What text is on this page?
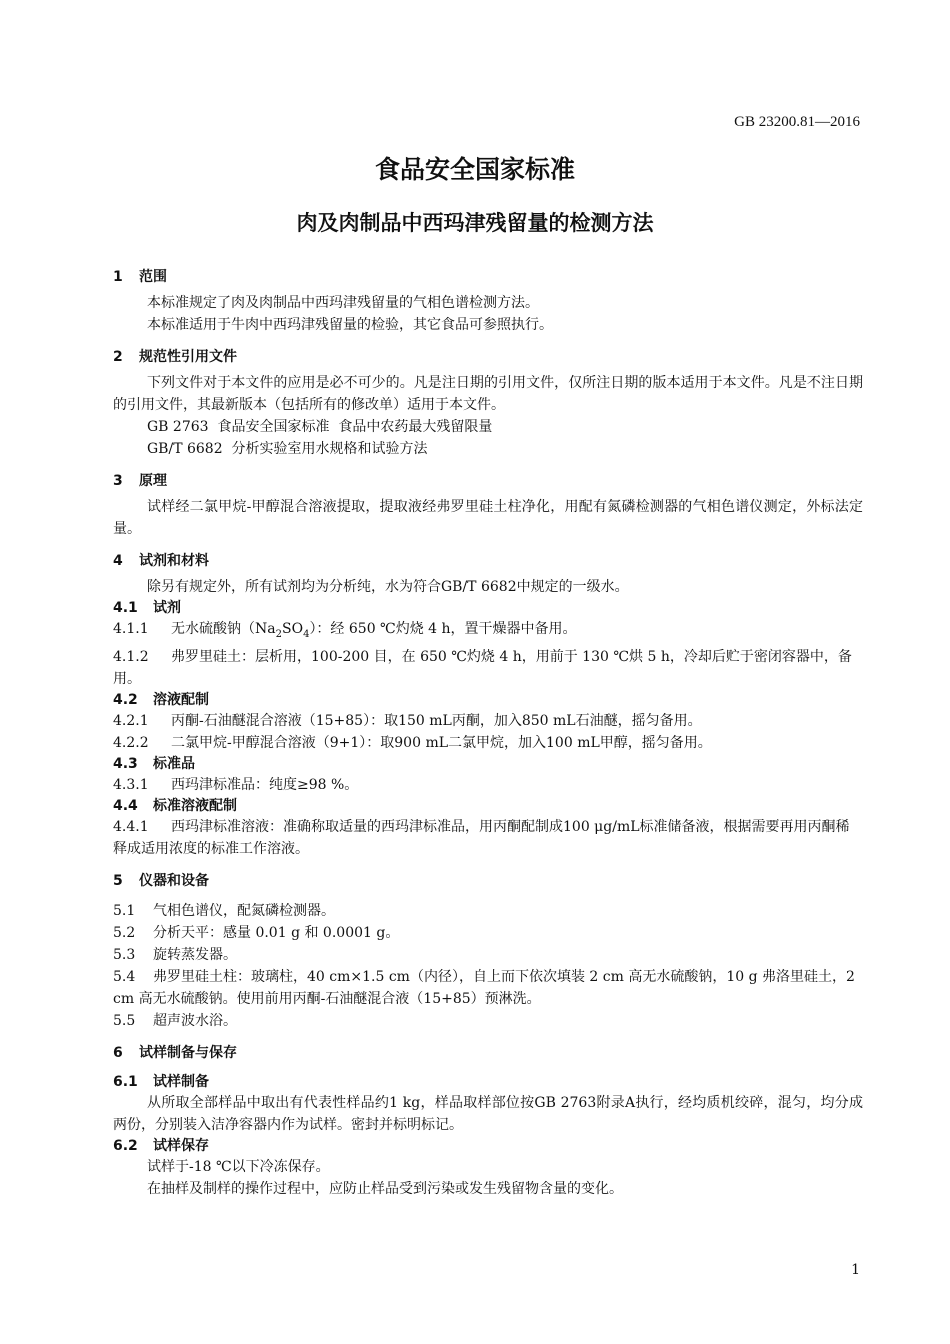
GB 23200.81—2016
食品安全国家标准
肉及肉制品中西玛津残留量的检测方法
1 范围
本标准规定了肉及肉制品中西玛津残留量的气相色谱检测方法。
本标准适用于牛肉中西玛津残留量的检验，其它食品可参照执行。
2 规范性引用文件
下列文件对于本文件的应用是必不可少的。凡是注日期的引用文件，仅所注日期的版本适用于本文件。凡是不注日期的引用文件，其最新版本（包括所有的修改单）适用于本文件。
GB 2763  食品安全国家标准  食品中农药最大残留限量
GB/T 6682  分析实验室用水规格和试验方法
3 原理
试样经二氯甲烷-甲醇混合溶液提取，提取液经弗罗里硅土柱净化，用配有氮磷检测器的气相色谱仪测定，外标法定量。
4 试剂和材料
除另有规定外，所有试剂均为分析纯，水为符合GB/T 6682中规定的一级水。
4.1 试剂
4.1.1 无水硫酸钠$(Na_2SO_4)$：经 650 ℃灼烧 4 h，置干燥器中备用。
4.1.2 弗罗里硅土：层析用，100-200 目，在 650 ℃灼烧 4 h，用前于 130 ℃烘 5 h，冷却后贮于密闭容器中，备用。
4.2 溶液配制
4.2.1 丙酮-石油醚混合溶液（15+85）：取150 mL丙酮，加入850 mL石油醚，摇匀备用。
4.2.2 二氯甲烷-甲醇混合溶液（9+1）：取900 mL二氯甲烷，加入100 mL甲醇，摇匀备用。
4.3 标准品
4.3.1 西玛津标准品：纯度≥98 %。
4.4 标准溶液配制
4.4.1 西玛津标准溶液：准确称取适量的西玛津标准品，用丙酮配制成100 μg/mL标准储备液，根据需要再用丙酮稀释成适用浓度的标准工作溶液。
5 仪器和设备
5.1 气相色谱仪，配氮磷检测器。
5.2 分析天平：感量 0.01 g 和 0.0001 g。
5.3 旋转蒸发器。
5.4 弗罗里硅土柱：玻璃柱，40 cm×1.5 cm（内径），自上而下依次填装 2 cm 高无水硫酸钠，10 g 弗洛里硅土，2 cm 高无水硫酸钠。使用前用丙酮-石油醚混合液（15+85）预淋洗。
5.5 超声波水浴。
6 试样制备与保存
6.1 试样制备
从所取全部样品中取出有代表性样品约1 kg，样品取样部位按GB 2763附录A执行，经均质机绞碎，混匀，均分成两份，分别装入洁净容器内作为试样。密封并标明标记。
6.2 试样保存
试样于-18 ℃以下冷冻保存。
在抽样及制样的操作过程中，应防止样品受到污染或发生残留物含量的变化。
1
